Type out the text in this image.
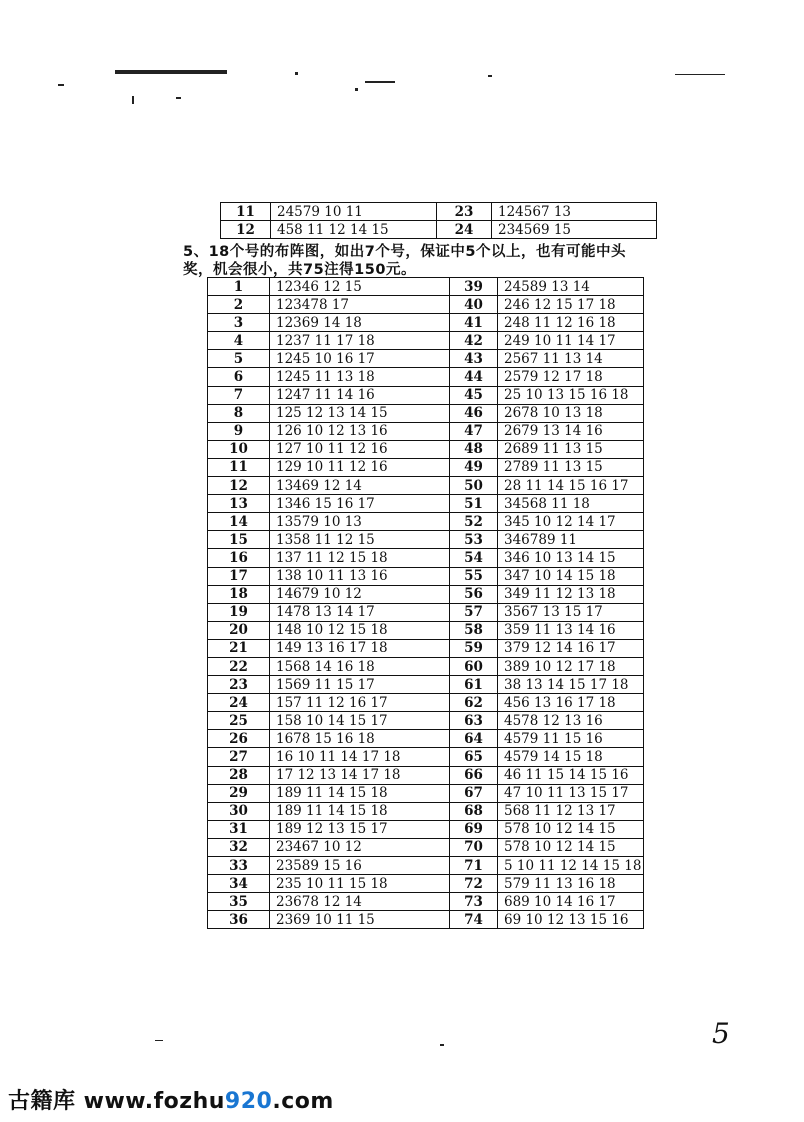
11	24579 10 11	23	124567 13
12	458 11 12 14 15	24	234569 15
5、18个号的布阵图，如出7个号，保证中5个以上，也有可能中头
奖，机会很小，共75注得150元。
1	12346 12 15	39	24589 13 14
2	123478 17	40	246 12 15 17 18
3	12369 14 18	41	248 11 12 16 18
4	1237 11 17 18	42	249 10 11 14 17
5	1245 10 16 17	43	2567 11 13 14
6	1245 11 13 18	44	2579 12 17 18
7	1247 11 14 16	45	25 10 13 15 16 18
8	125 12 13 14 15	46	2678 10 13 18
9	126 10 12 13 16	47	2679 13 14 16
10	127 10 11 12 16	48	2689 11 13 15
11	129 10 11 12 16	49	2789 11 13 15
12	13469 12 14	50	28 11 14 15 16 17
13	1346 15 16 17	51	34568 11 18
14	13579 10 13	52	345 10 12 14 17
15	1358 11 12 15	53	346789 11
16	137 11 12 15 18	54	346 10 13 14 15
17	138 10 11 13 16	55	347 10 14 15 18
18	14679 10 12	56	349 11 12 13 18
19	1478 13 14 17	57	3567 13 15 17
20	148 10 12 15 18	58	359 11 13 14 16
21	149 13 16 17 18	59	379 12 14 16 17
22	1568 14 16 18	60	389 10 12 17 18
23	1569 11 15 17	61	38 13 14 15 17 18
24	157 11 12 16 17	62	456 13 16 17 18
25	158 10 14 15 17	63	4578 12 13 16
26	1678 15 16 18	64	4579 11 15 16
27	16 10 11 14 17 18	65	4579 14 15 18
28	17 12 13 14 17 18	66	46 11 15 14 15 16
29	189 11 14 15 18	67	47 10 11 13 15 17
30	189 11 14 15 18	68	568 11 12 13 17
31	189 12 13 15 17	69	578 10 12 14 15
32	23467 10 12	70	578 10 12 14 15
33	23589 15 16	71	5 10 11 12 14 15 18
34	235 10 11 15 18	72	579 11 13 16 18
35	23678 12 14	73	689 10 14 16 17
36	2369 10 11 15	74	69 10 12 13 15 16
5
古籍库 www.fozhu920.com
